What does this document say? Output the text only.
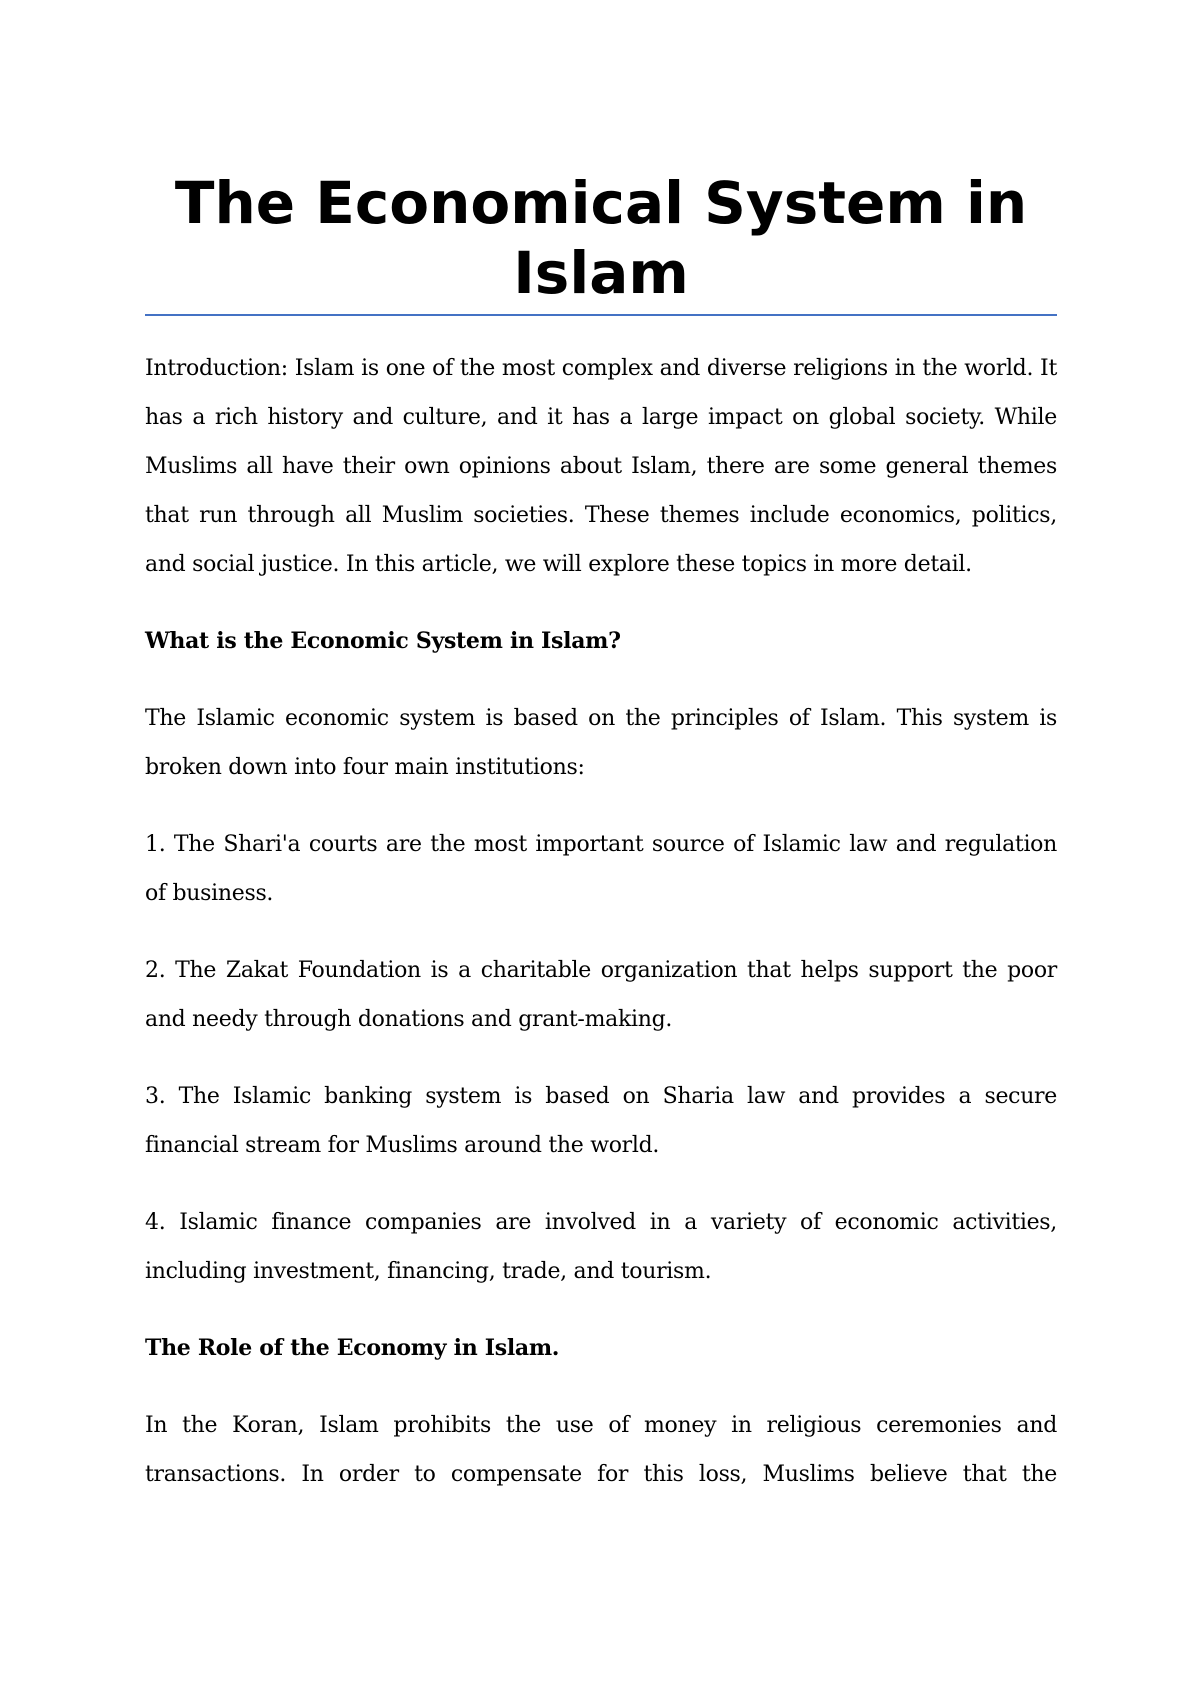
The Economical System in Islam

Introduction: Islam is one of the most complex and diverse religions in the world. It has a rich history and culture, and it has a large impact on global society. While Muslims all have their own opinions about Islam, there are some general themes that run through all Muslim societies. These themes include economics, politics, and social justice. In this article, we will explore these topics in more detail.

What is the Economic System in Islam?

The Islamic economic system is based on the principles of Islam. This system is broken down into four main institutions:

1. The Shari'a courts are the most important source of Islamic law and regulation of business.

2. The Zakat Foundation is a charitable organization that helps support the poor and needy through donations and grant-making.

3. The Islamic banking system is based on Sharia law and provides a secure financial stream for Muslims around the world.

4. Islamic finance companies are involved in a variety of economic activities, including investment, financing, trade, and tourism.

The Role of the Economy in Islam.

In the Koran, Islam prohibits the use of money in religious ceremonies and transactions. In order to compensate for this loss, Muslims believe that the
